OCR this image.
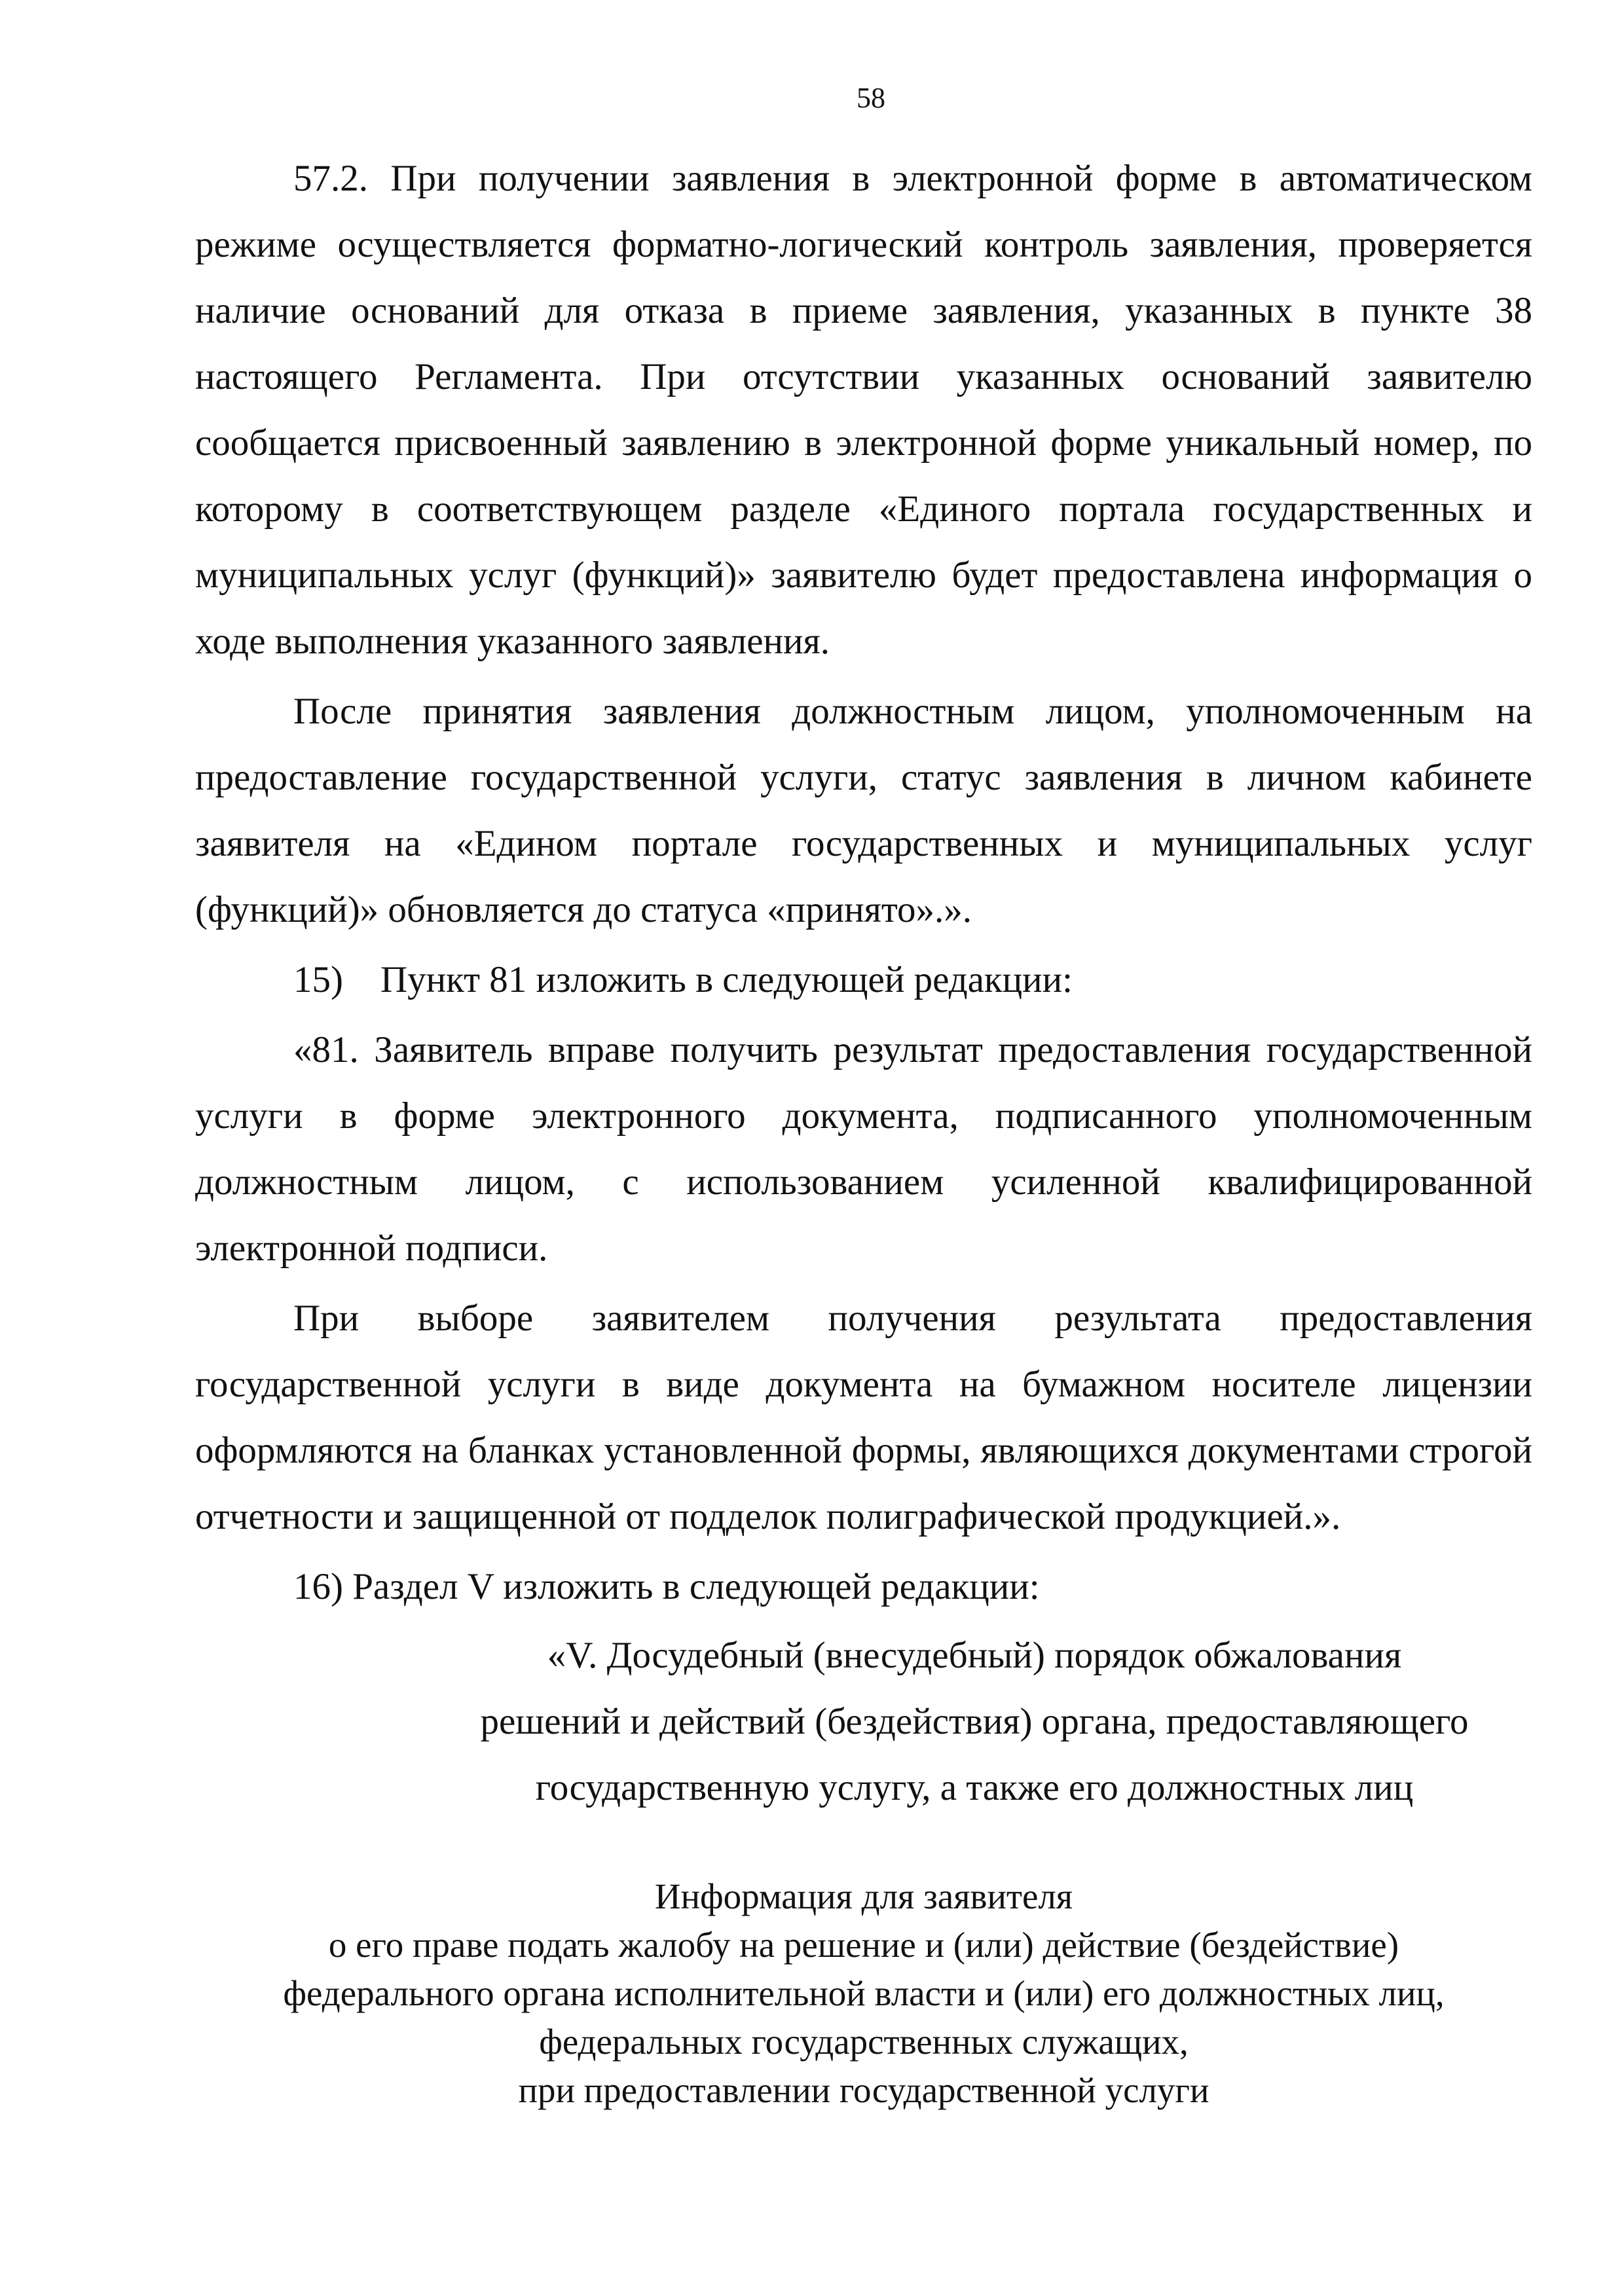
58

57.2. При получении заявления в электронной форме в автоматическом режиме осуществляется форматно-логический контроль заявления, проверяется наличие оснований для отказа в приеме заявления, указанных в пункте 38 настоящего Регламента. При отсутствии указанных оснований заявителю сообщается присвоенный заявлению в электронной форме уникальный номер, по которому в соответствующем разделе «Единого портала государственных и муниципальных услуг (функций)» заявителю будет предоставлена информация о ходе выполнения указанного заявления.

После принятия заявления должностным лицом, уполномоченным на предоставление государственной услуги, статус заявления в личном кабинете заявителя на «Едином портале государственных и муниципальных услуг (функций)» обновляется до статуса «принято».».

15)    Пункт 81 изложить в следующей редакции:

«81. Заявитель вправе получить результат предоставления государственной услуги в форме электронного документа, подписанного уполномоченным должностным лицом, с использованием усиленной квалифицированной электронной подписи.

При выборе заявителем получения результата предоставления государственной услуги в виде документа на бумажном носителе лицензии оформляются на бланках установленной формы, являющихся документами строгой отчетности и защищенной от подделок полиграфической продукцией.».

16) Раздел V изложить в следующей редакции:

«V. Досудебный (внесудебный) порядок обжалования
решений и действий (бездействия) органа, предоставляющего
государственную услугу, а также его должностных лиц
Информация для заявителя
о его праве подать жалобу на решение и (или) действие (бездействие)
федерального органа исполнительной власти и (или) его должностных лиц,
федеральных государственных служащих,
при предоставлении государственной услуги
